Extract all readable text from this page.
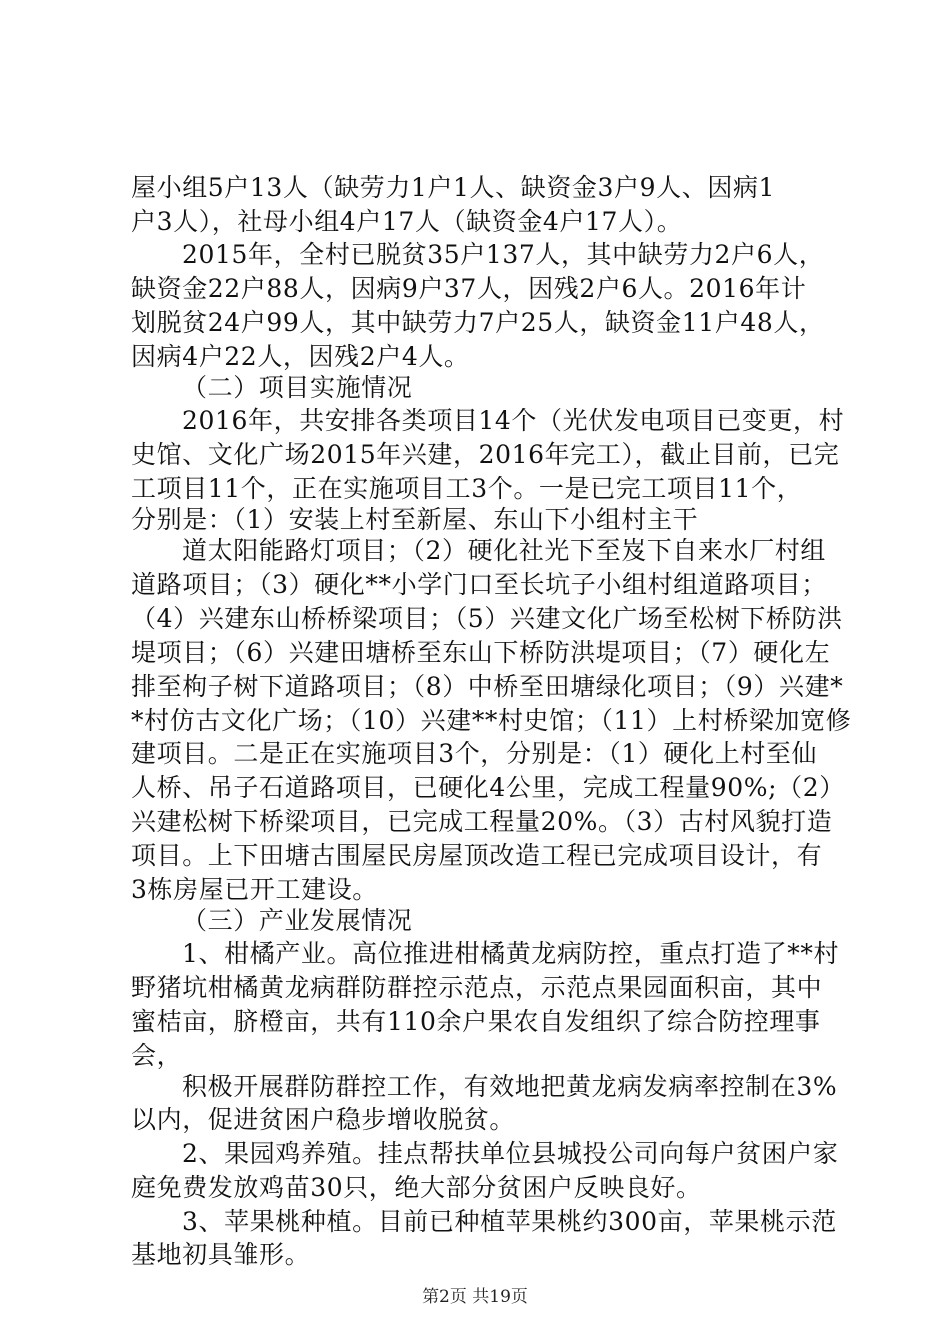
屋小组5户13人（缺劳力1户1人、缺资金3户9人、因病1
户3人），社母小组4户17人（缺资金4户17人）。
2015年，全村已脱贫35户137人，其中缺劳力2户6人，
缺资金22户88人，因病9户37人，因残2户6人。2016年计
划脱贫24户99人，其中缺劳力7户25人，缺资金11户48人，
因病4户22人，因残2户4人。
（二）项目实施情况
2016年，共安排各类项目14个（光伏发电项目已变更，村
史馆、文化广场2015年兴建，2016年完工），截止目前，已完
工项目11个，正在实施项目工3个。一是已完工项目11个，
分别是：（1）安装上村至新屋、东山下小组村主干
道太阳能路灯项目；（2）硬化社光下至岌下自来水厂村组
道路项目；（3）硬化**小学门口至长坑子小组村组道路项目；
（4）兴建东山桥桥梁项目；（5）兴建文化广场至松树下桥防洪
堤项目；（6）兴建田塘桥至东山下桥防洪堤项目；（7）硬化左
排至枸子树下道路项目；（8）中桥至田塘绿化项目；（9）兴建*
*村仿古文化广场；（10）兴建**村史馆；（11）上村桥梁加宽修
建项目。二是正在实施项目3个，分别是：（1）硬化上村至仙
人桥、吊子石道路项目，已硬化4公里，完成工程量90%;（2）
兴建松树下桥梁项目，已完成工程量20%。（3）古村风貌打造
项目。上下田塘古围屋民房屋顶改造工程已完成项目设计，有
3栋房屋已开工建设。
（三）产业发展情况
1、柑橘产业。高位推进柑橘黄龙病防控，重点打造了**村
野猪坑柑橘黄龙病群防群控示范点，示范点果园面积亩，其中
蜜桔亩，脐橙亩，共有110余户果农自发组织了综合防控理事
会，
积极开展群防群控工作，有效地把黄龙病发病率控制在3%
以内，促进贫困户稳步增收脱贫。
2、果园鸡养殖。挂点帮扶单位县城投公司向每户贫困户家
庭免费发放鸡苗30只，绝大部分贫困户反映良好。
3、苹果桃种植。目前已种植苹果桃约300亩，苹果桃示范
基地初具雏形。
第2页 共19页
